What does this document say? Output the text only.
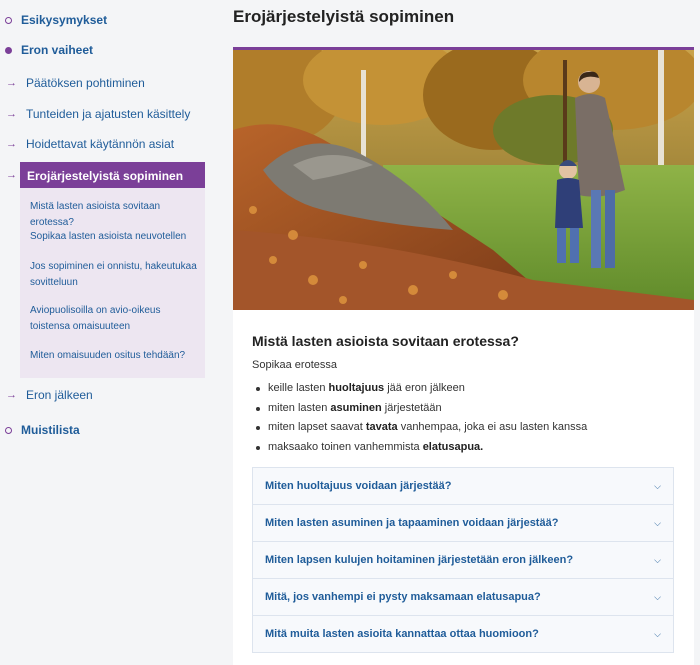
Esikysymykset
Eron vaiheet
→ Päätöksen pohtiminen
→ Tunteiden ja ajatusten käsittely
→ Hoidettavat käytännön asiat
→ Erojärjestelyistä sopiminen
Mistä lasten asioista sovitaan erotessa?
Sopikaa lasten asioista neuvotellen
Jos sopiminen ei onnistu, hakeutukaa sovitteluun
Aviopuolisoilla on avio-oikeus toistensa omaisuuteen
Miten omaisuuden ositus tehdään?
→ Eron jälkeen
Muistilista
Erojärjestelyistä sopiminen
Mistä lasten asioista sovitaan erotessa?

Sopikaa erotessa

keille lasten huoltajuus jää eron jälkeen
miten lasten asuminen järjestetään
miten lapset saavat tavata vanhempaa, joka ei asu lasten kanssa
maksaako toinen vanhemmista elatusapua.
Miten huoltajuus voidaan järjestää?	⌵
Miten lasten asuminen ja tapaaminen voidaan järjestää?	⌵
Miten lapsen kulujen hoitaminen järjestetään eron jälkeen?	⌵
Mitä, jos vanhempi ei pysty maksamaan elatusapua?	⌵
Mitä muita lasten asioita kannattaa ottaa huomioon?	⌵
